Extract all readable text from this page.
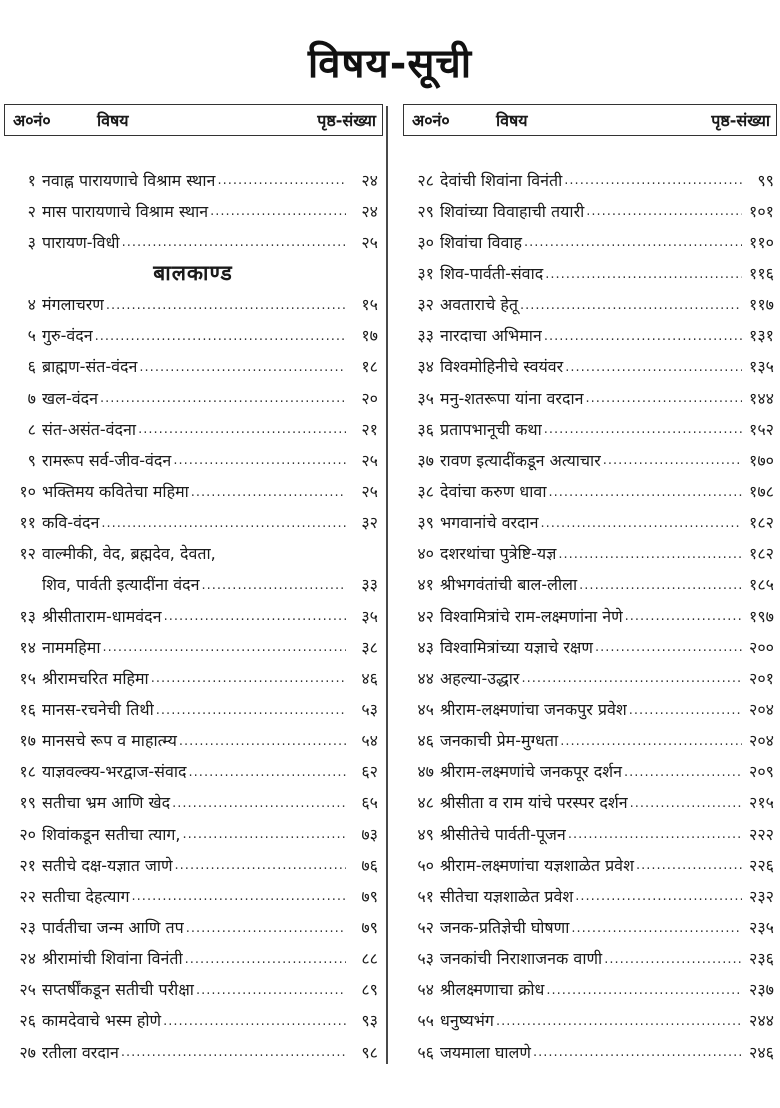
विषय-सूची
अ०नं०	विषय	पृष्ठ-संख्या अ०नं०	विषय	पृष्ठ-संख्या
१ नवाह्न पारायणाचे विश्राम स्थान .....	२४
२ मास पारायणाचे विश्राम स्थान .....	२४
३ पारायण-विधी .....	२५
बालकाण्ड
४ मंगलाचरण .....	१५
५ गुरु-वंदन .....	१७
६ ब्राह्मण-संत-वंदन .....	१८
७ खल-वंदन .....	२०
८ संत-असंत-वंदना .....	२१
९ रामरूप सर्व-जीव-वंदन .....	२५
१० भक्तिमय कवितेचा महिमा .....	२५
११ कवि-वंदन .....	३२
१२ वाल्मीकी, वेद, ब्रह्मदेव, देवता,
शिव, पार्वती इत्यादींना वंदन .....	३३
१३ श्रीसीताराम-धामवंदन .....	३५
१४ नाममहिमा .....	३८
१५ श्रीरामचरित महिमा .....	४६
१६ मानस-रचनेची तिथी .....	५३
१७ मानसचे रूप व माहात्म्य .....	५४
१८ याज्ञवल्क्य-भरद्वाज-संवाद .....	६२
१९ सतीचा भ्रम आणि खेद .....	६५
२० शिवांकडून सतीचा त्याग, .....	७३
२१ सतीचे दक्ष-यज्ञात जाणे .....	७६
२२ सतीचा देहत्याग .....	७९
२३ पार्वतीचा जन्म आणि तप .....	७९
२४ श्रीरामांची शिवांना विनंती .....	८८
२५ सप्तर्षींकडून सतीची परीक्षा .....	८९
२६ कामदेवाचे भस्म होणे .....	९३
२७ रतीला वरदान .....	९८
२८ देवांची शिवांना विनंती .....	९९
२९ शिवांच्या विवाहाची तयारी .....	१०१
३० शिवांचा विवाह .....	११०
३१ शिव-पार्वती-संवाद .....	११६
३२ अवताराचे हेतू .....	११७
३३ नारदाचा अभिमान .....	१३१
३४ विश्वमोहिनीचे स्वयंवर .....	१३५
३५ मनु-शतरूपा यांना वरदान .....	१४४
३६ प्रतापभानूची कथा .....	१५२
३७ रावण इत्यादींकडून अत्याचार .....	१७०
३८ देवांचा करुण धावा .....	१७८
३९ भगवानांचे वरदान .....	१८२
४० दशरथांचा पुत्रेष्टि-यज्ञ .....	१८२
४१ श्रीभगवंतांची बाल-लीला .....	१८५
४२ विश्वामित्रांचे राम-लक्ष्मणांना नेणे .....	१९७
४३ विश्वामित्रांच्या यज्ञाचे रक्षण .....	२००
४४ अहल्या-उद्धार .....	२०१
४५ श्रीराम-लक्ष्मणांचा जनकपुर प्रवेश .....	२०४
४६ जनकाची प्रेम-मुग्धता .....	२०४
४७ श्रीराम-लक्ष्मणांचे जनकपूर दर्शन .....	२०९
४८ श्रीसीता व राम यांचे परस्पर दर्शन .....	२१५
४९ श्रीसीतेचे पार्वती-पूजन .....	२२२
५० श्रीराम-लक्ष्मणांचा यज्ञशाळेत प्रवेश .....	२२६
५१ सीतेचा यज्ञशाळेत प्रवेश .....	२३२
५२ जनक-प्रतिज्ञेची घोषणा .....	२३५
५३ जनकांची निराशाजनक वाणी .....	२३६
५४ श्रीलक्ष्मणाचा क्रोध .....	२३७
५५ धनुष्यभंग .....	२४४
५६ जयमाला घालणे .....	२४६
